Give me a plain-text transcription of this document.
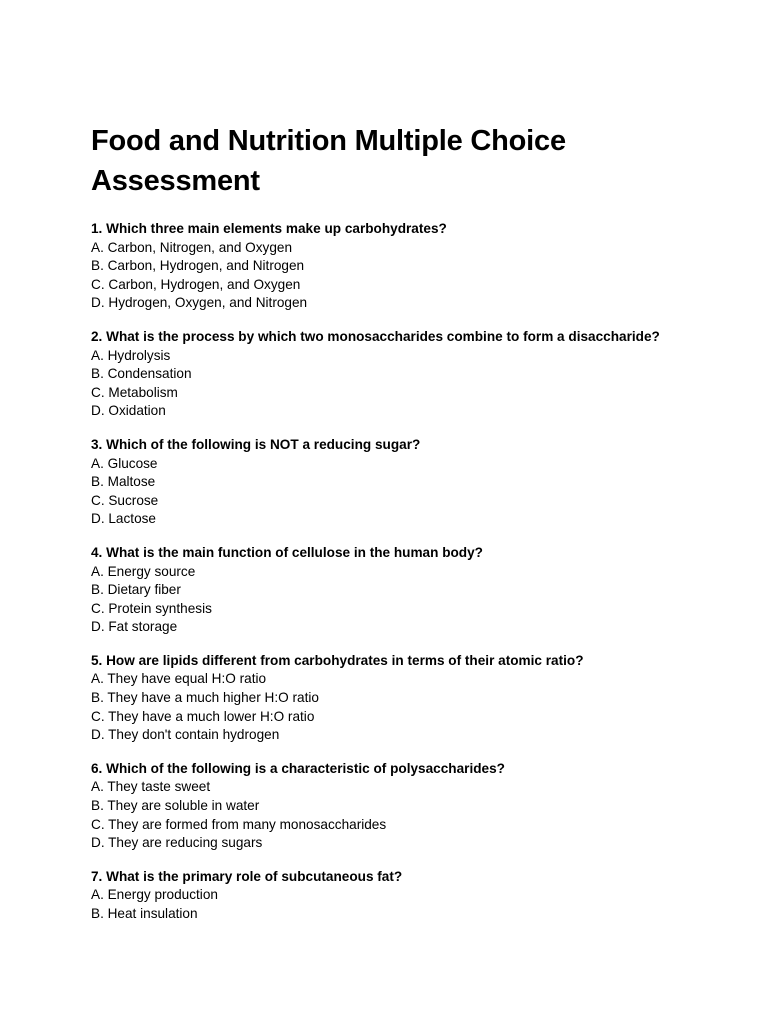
Food and Nutrition Multiple Choice Assessment

1. Which three main elements make up carbohydrates?

A. Carbon, Nitrogen, and Oxygen
B. Carbon, Hydrogen, and Nitrogen
C. Carbon, Hydrogen, and Oxygen
D. Hydrogen, Oxygen, and Nitrogen

2. What is the process by which two monosaccharides combine to form a disaccharide?

A. Hydrolysis
B. Condensation
C. Metabolism
D. Oxidation

3. Which of the following is NOT a reducing sugar?

A. Glucose
B. Maltose
C. Sucrose
D. Lactose

4. What is the main function of cellulose in the human body?

A. Energy source
B. Dietary fiber
C. Protein synthesis
D. Fat storage

5. How are lipids different from carbohydrates in terms of their atomic ratio?

A. They have equal H:O ratio
B. They have a much higher H:O ratio
C. They have a much lower H:O ratio
D. They don't contain hydrogen

6. Which of the following is a characteristic of polysaccharides?

A. They taste sweet
B. They are soluble in water
C. They are formed from many monosaccharides
D. They are reducing sugars

7. What is the primary role of subcutaneous fat?

A. Energy production
B. Heat insulation
